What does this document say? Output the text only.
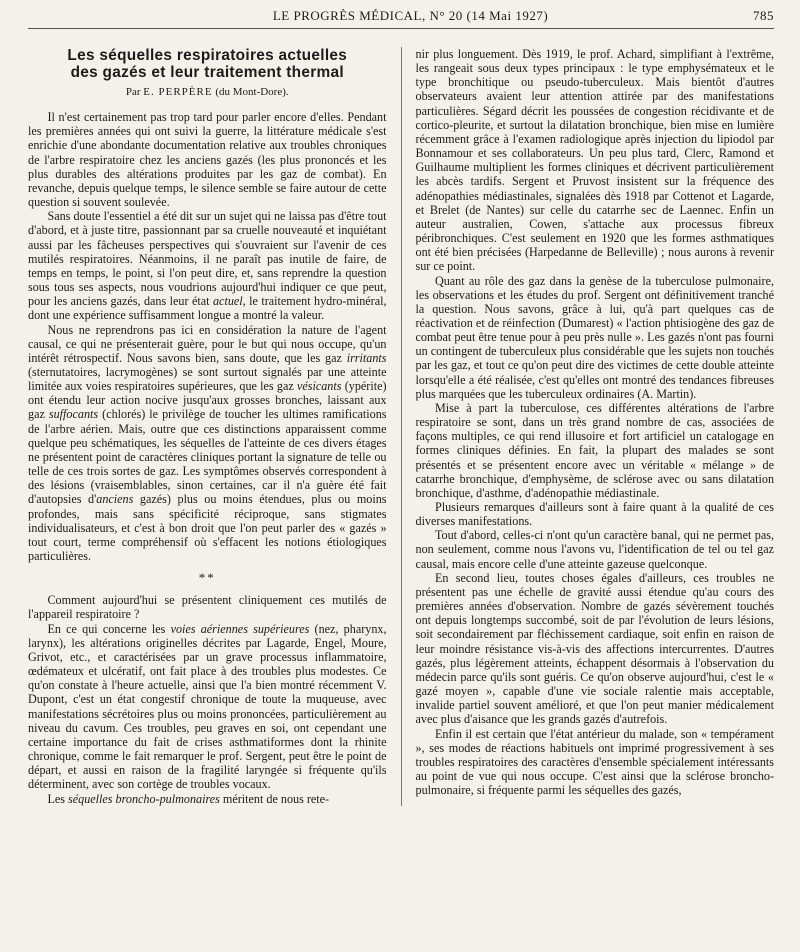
LE PROGRÈS MÉDICAL, N° 20 (14 Mai 1927)	785
Les séquelles respiratoires actuelles
des gazés et leur traitement thermal
Par E. PERPÈRE (du Mont-Dore).

Il n'est certainement pas trop tard pour parler encore d'elles. Pendant les premières années qui ont suivi la guerre, la littérature médicale s'est enrichie d'une abondante documentation relative aux troubles chroniques de l'arbre respiratoire chez les anciens gazés (les plus prononcés et les plus durables des altérations produites par les gaz de combat). En revanche, depuis quelque temps, le silence semble se faire autour de cette question si souvent soulevée.

Sans doute l'essentiel a été dit sur un sujet qui ne laissa pas d'être tout d'abord, et à juste titre, passionnant par sa cruelle nouveauté et inquiétant aussi par les fâcheuses perspectives qui s'ouvraient sur l'avenir de ces mutilés respiratoires. Néanmoins, il ne paraît pas inutile de faire, de temps en temps, le point, si l'on peut dire, et, sans reprendre la question sous tous ses aspects, nous voudrions aujourd'hui indiquer ce que peut, pour les anciens gazés, dans leur état actuel, le traitement hydro-minéral, dont une expérience suffisamment longue a montré la valeur.

Nous ne reprendrons pas ici en considération la nature de l'agent causal, ce qui ne présenterait guère, pour le but qui nous occupe, qu'un intérêt rétrospectif. Nous savons bien, sans doute, que les gaz irritants (sternutatoires, lacrymogènes) se sont surtout signalés par une atteinte limitée aux voies respiratoires supérieures, que les gaz vésicants (ypérite) ont étendu leur action nocive jusqu'aux grosses bronches, laissant aux gaz suffocants (chlorés) le privilège de toucher les ultimes ramifications de l'arbre aérien. Mais, outre que ces distinctions apparaissent comme quelque peu schématiques, les séquelles de l'atteinte de ces divers étages ne présentent point de caractères cliniques portant la signature de telle ou telle de ces trois sortes de gaz. Les symptômes observés correspondent à des lésions (vraisemblables, sinon certaines, car il n'a guère été fait d'autopsies d'anciens gazés) plus ou moins étendues, plus ou moins profondes, mais sans spécificité réciproque, sans stigmates individualisateurs, et c'est à bon droit que l'on peut parler des « gazés » tout court, terme compréhensif où s'effacent les notions étiologiques particulières.

**

Comment aujourd'hui se présentent cliniquement ces mutilés de l'appareil respiratoire ?

En ce qui concerne les voies aériennes supérieures (nez, pharynx, larynx), les altérations originelles décrites par Lagarde, Engel, Moure, Grivot, etc., et caractérisées par un grave processus inflammatoire, œdémateux et ulcératif, ont fait place à des troubles plus modestes. Ce qu'on constate à l'heure actuelle, ainsi que l'a bien montré récemment V. Dupont, c'est un état congestif chronique de toute la muqueuse, avec manifestations sécrétoires plus ou moins prononcées, particulièrement au niveau du cavum. Ces troubles, peu graves en soi, ont cependant une certaine importance du fait de crises asthmatiformes dont la rhinite chronique, comme le fait remarquer le prof. Sergent, peut être le point de départ, et aussi en raison de la fragilité laryngée si fréquente qu'ils déterminent, avec son cortège de troubles vocaux.

Les séquelles broncho-pulmonaires méritent de nous rete-

nir plus longuement. Dès 1919, le prof. Achard, simplifiant à l'extrême, les rangeait sous deux types principaux : le type emphysémateux et le type bronchitique ou pseudo-tuberculeux. Mais bientôt d'autres observateurs avaient leur attention attirée par des manifestations particulières. Ségard décrit les poussées de congestion récidivante et de cortico-pleurite, et surtout la dilatation bronchique, bien mise en lumière récemment grâce à l'examen radiologique après injection du lipiodol par Bonnamour et ses collaborateurs. Un peu plus tard, Clerc, Ramond et Guilhaume multiplient les formes cliniques et décrivent particulièrement les abcès tardifs. Sergent et Pruvost insistent sur la fréquence des adénopathies médiastinales, signalées dès 1918 par Cottenot et Lagarde, et Brelet (de Nantes) sur celle du catarrhe sec de Laennec. Enfin un auteur australien, Cowen, s'attache aux processus fibreux péribronchiques. C'est seulement en 1920 que les formes asthmatiques ont été bien précisées (Harpedanne de Belleville) ; nous aurons à revenir sur ce point.

Quant au rôle des gaz dans la genèse de la tuberculose pulmonaire, les observations et les études du prof. Sergent ont définitivement tranché la question. Nous savons, grâce à lui, qu'à part quelques cas de réactivation et de réinfection (Dumarest) « l'action phtisiogène des gaz de combat peut être tenue pour à peu près nulle ». Les gazés n'ont pas fourni un contingent de tuberculeux plus considérable que les sujets non touchés par les gaz, et tout ce qu'on peut dire des victimes de cette double atteinte lorsqu'elle a été réalisée, c'est qu'elles ont montré des tendances fibreuses plus marquées que les tuberculeux ordinaires (A. Martin).

Mise à part la tuberculose, ces différentes altérations de l'arbre respiratoire se sont, dans un très grand nombre de cas, associées de façons multiples, ce qui rend illusoire et fort artificiel un catalogage en formes cliniques définies. En fait, la plupart des malades se sont présentés et se présentent encore avec un véritable « mélange » de catarrhe bronchique, d'emphysème, de sclérose avec ou sans dilatation bronchique, d'asthme, d'adénopathie médiastinale.

Plusieurs remarques d'ailleurs sont à faire quant à la qualité de ces diverses manifestations.

Tout d'abord, celles-ci n'ont qu'un caractère banal, qui ne permet pas, non seulement, comme nous l'avons vu, l'identification de tel ou tel gaz causal, mais encore celle d'une atteinte gazeuse quelconque.

En second lieu, toutes choses égales d'ailleurs, ces troubles ne présentent pas une échelle de gravité aussi étendue qu'au cours des premières années d'observation. Nombre de gazés sévèrement touchés ont depuis longtemps succombé, soit de par l'évolution de leurs lésions, soit secondairement par fléchissement cardiaque, soit enfin en raison de leur moindre résistance vis-à-vis des affections intercurrentes. D'autres gazés, plus légèrement atteints, échappent désormais à l'observation du médecin parce qu'ils sont guéris. Ce qu'on observe aujourd'hui, c'est le « gazé moyen », capable d'une vie sociale ralentie mais acceptable, invalide partiel souvent amélioré, et que l'on peut manier médicalement avec plus d'aisance que les grands gazés d'autrefois.

Enfin il est certain que l'état antérieur du malade, son « tempérament », ses modes de réactions habituels ont imprimé progressivement à ses troubles respiratoires des caractères d'ensemble spécialement intéressants au point de vue qui nous occupe. C'est ainsi que la sclérose broncho-pulmonaire, si fréquente parmi les séquelles des gazés,
